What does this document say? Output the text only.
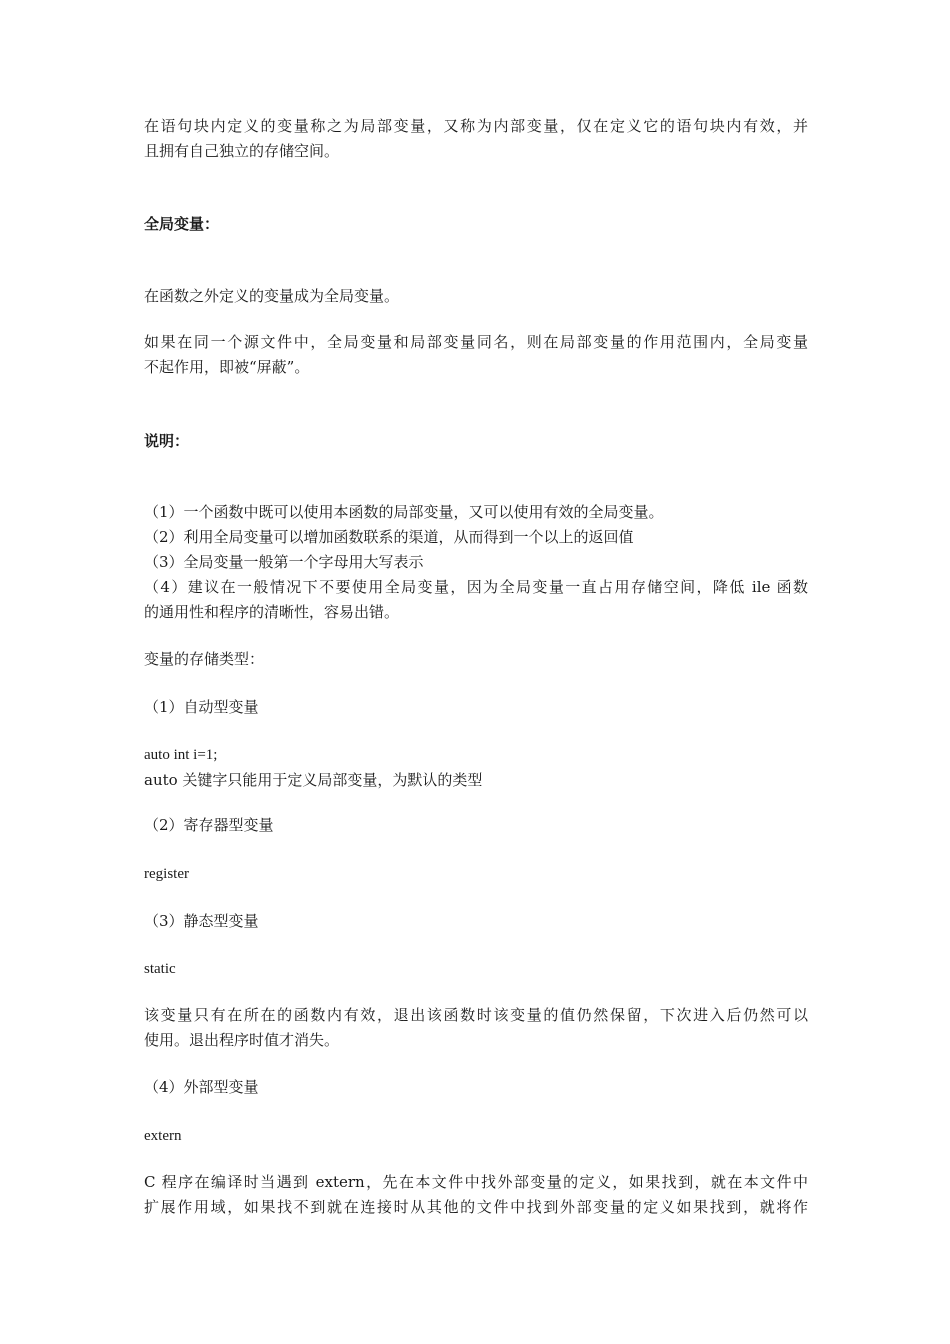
在语句块内定义的变量称之为局部变量，又称为内部变量，仅在定义它的语句块内有效，并
且拥有自己独立的存储空间。

全局变量：

在函数之外定义的变量成为全局变量。

如果在同一个源文件中，全局变量和局部变量同名，则在局部变量的作用范围内，全局变量
不起作用，即被“屏蔽”。

说明：

（1）一个函数中既可以使用本函数的局部变量，又可以使用有效的全局变量。
（2）利用全局变量可以增加函数联系的渠道，从而得到一个以上的返回值
（3）全局变量一般第一个字母用大写表示
（4）建议在一般情况下不要使用全局变量，因为全局变量一直占用存储空间，降低 ile 函数
的通用性和程序的清晰性，容易出错。

变量的存储类型：

（1）自动型变量

auto int i=1;
auto 关键字只能用于定义局部变量，为默认的类型

（2）寄存器型变量

register

（3）静态型变量

static

该变量只有在所在的函数内有效，退出该函数时该变量的值仍然保留，下次进入后仍然可以
使用。退出程序时值才消失。

（4）外部型变量

extern

C 程序在编译时当遇到 extern，先在本文件中找外部变量的定义，如果找到，就在本文件中
扩展作用域，如果找不到就在连接时从其他的文件中找到外部变量的定义如果找到，就将作
